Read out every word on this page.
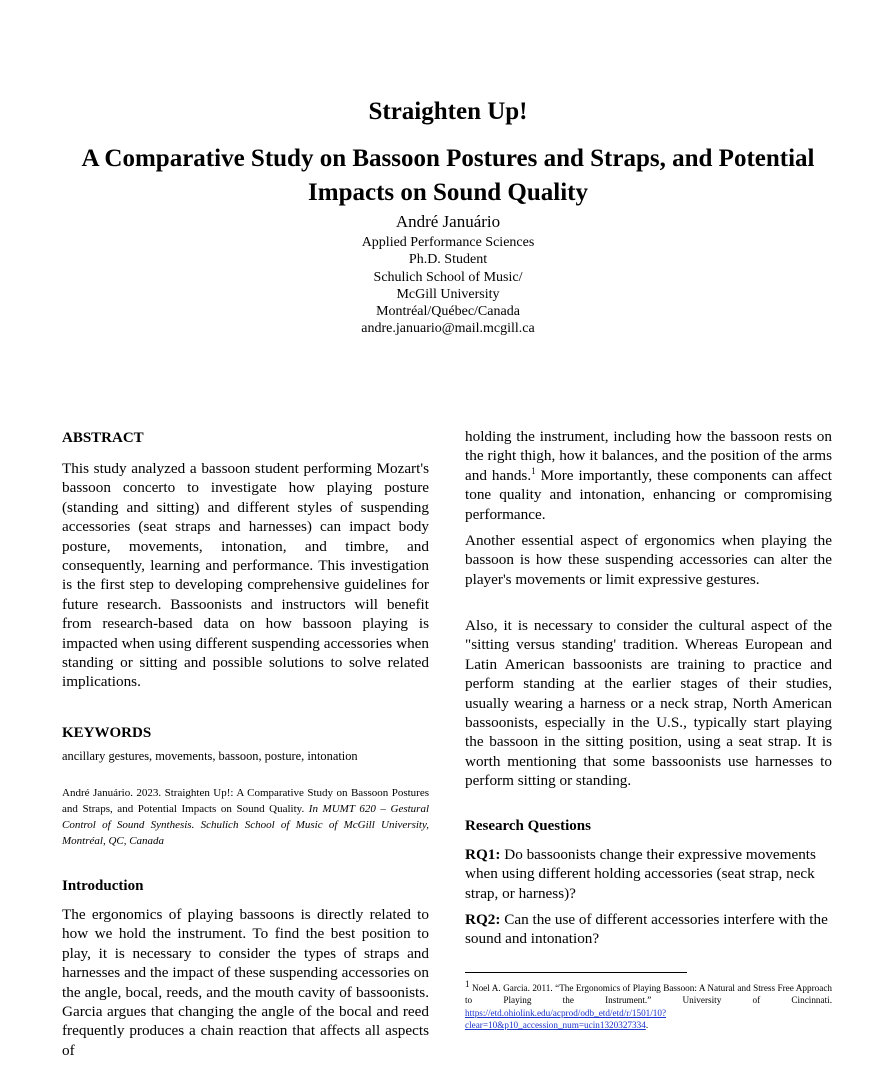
Straighten Up!
A Comparative Study on Bassoon Postures and Straps, and Potential Impacts on Sound Quality
André Januário
Applied Performance Sciences
Ph.D. Student
Schulich School of Music/
McGill University
Montréal/Québec/Canada
andre.januario@mail.mcgill.ca
ABSTRACT

This study analyzed a bassoon student performing Mozart's bassoon concerto to investigate how playing posture (standing and sitting) and different styles of suspending accessories (seat straps and harnesses) can impact body posture, movements, intonation, and timbre, and consequently, learning and performance. This investigation is the first step to developing comprehensive guidelines for future research. Bassoonists and instructors will benefit from research-based data on how bassoon playing is impacted when using different suspending accessories when standing or sitting and possible solutions to solve related implications.

KEYWORDS
ancillary gestures, movements, bassoon, posture, intonation
André Januário. 2023. Straighten Up!: A Comparative Study on Bassoon Postures and Straps, and Potential Impacts on Sound Quality. In MUMT 620 – Gestural Control of Sound Synthesis. Schulich School of Music of McGill University, Montréal, QC, Canada
Introduction

The ergonomics of playing bassoons is directly related to how we hold the instrument. To find the best position to play, it is necessary to consider the types of straps and harnesses and the impact of these suspending accessories on the angle, bocal, reeds, and the mouth cavity of bassoonists. Garcia argues that changing the angle of the bocal and reed frequently produces a chain reaction that affects all aspects of

holding the instrument, including how the bassoon rests on the right thigh, how it balances, and the position of the arms and hands.$^1$ More importantly, these components can affect tone quality and intonation, enhancing or compromising performance.

Another essential aspect of ergonomics when playing the bassoon is how these suspending accessories can alter the player's movements or limit expressive gestures.

Also, it is necessary to consider the cultural aspect of the "sitting versus standing' tradition. Whereas European and Latin American bassoonists are training to practice and perform standing at the earlier stages of their studies, usually wearing a harness or a neck strap, North American bassoonists, especially in the U.S., typically start playing the bassoon in the sitting position, using a seat strap. It is worth mentioning that some bassoonists use harnesses to perform sitting or standing.

Research Questions

RQ1: Do bassoonists change their expressive movements when using different holding accessories (seat strap, neck strap, or harness)?

RQ2: Can the use of different accessories interfere with the sound and intonation?

$^1$ Noel A. Garcia. 2011. “The Ergonomics of Playing Bassoon: A Natural and Stress Free Approach to Playing the Instrument.” University of Cincinnati. https://etd.ohiolink.edu/acprod/odb_etd/etd/r/1501/10?clear=10&p10_accession_num=ucin1320327334.
